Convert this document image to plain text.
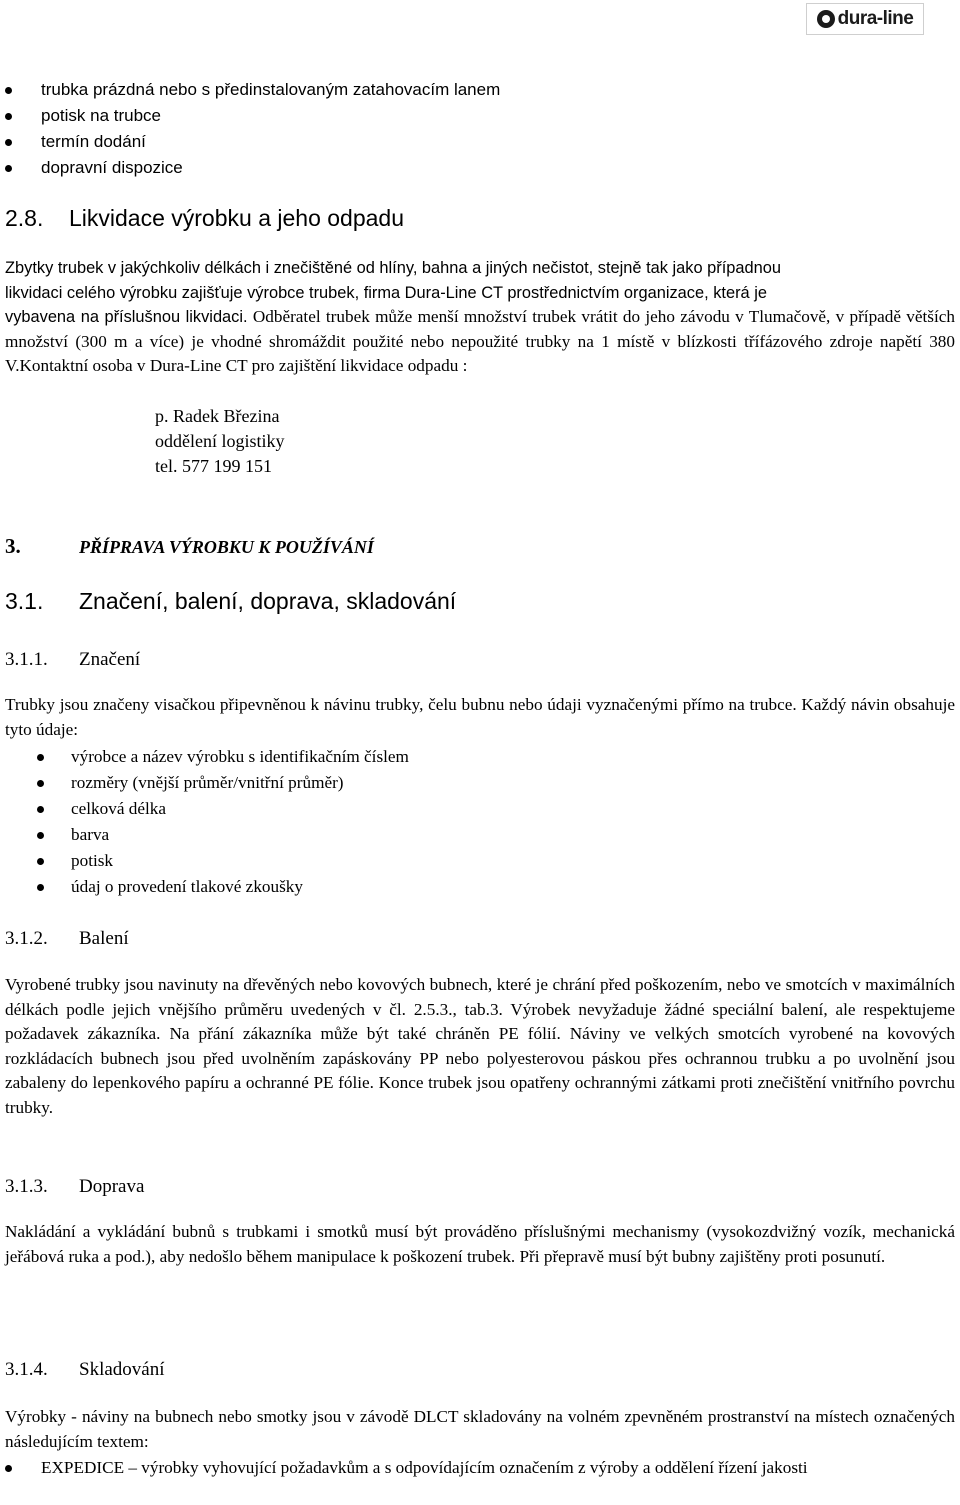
dura-line
trubka prázdná nebo s předinstalovaným zatahovacím lanem
potisk na trubce
termín dodání
dopravní dispozice
2.8. Likvidace výrobku a jeho odpadu
Zbytky trubek v jakýchkoliv délkách i znečištěné od hlíny, bahna a jiných nečistot, stejně tak jako případnou
likvidaci celého výrobku zajišťuje výrobce trubek, firma Dura-Line CT prostřednictvím organizace, která je
vybavena na příslušnou likvidaci. Odběratel trubek může menší množství trubek vrátit do jeho závodu v Tlumačově, v případě větších množství (300 m a více) je vhodné shromáždit použité nebo nepoužité trubky na 1 místě v blízkosti třífázového zdroje napětí 380 V.Kontaktní osoba v Dura-Line CT pro zajištění likvidace odpadu :
p. Radek Březina
oddělení logistiky
tel. 577 199 151
3.	PŘÍPRAVA VÝROBKU K POUŽÍVÁNÍ
3.1. Značení, balení, doprava, skladování
3.1.1. Značení
Trubky jsou značeny visačkou připevněnou k návinu trubky, čelu bubnu nebo údaji vyznačenými přímo na trubce. Každý návin obsahuje tyto údaje:
výrobce a název výrobku s identifikačním číslem
rozměry (vnější průměr/vnitřní průměr)
celková délka
barva
potisk
údaj o provedení tlakové zkoušky
3.1.2. Balení
Vyrobené trubky jsou navinuty na dřevěných nebo kovových bubnech, které je chrání před poškozením, nebo ve smotcích v maximálních délkách podle jejich vnějšího průměru uvedených v čl. 2.5.3., tab.3. Výrobek nevyžaduje žádné speciální balení, ale respektujeme požadavek zákazníka. Na přání zákazníka může být také chráněn PE fólií. Náviny ve velkých smotcích vyrobené na kovových rozkládacích bubnech jsou před uvolněním zapáskovány PP nebo polyesterovou páskou přes ochrannou trubku a po uvolnění jsou zabaleny do lepenkového papíru a ochranné PE fólie. Konce trubek jsou opatřeny ochrannými zátkami proti znečištění vnitřního povrchu trubky.
3.1.3. Doprava
Nakládání a vykládání bubnů s trubkami i smotků musí být prováděno příslušnými mechanismy (vysokozdvižný vozík, mechanická jeřábová ruka a pod.), aby nedošlo během manipulace k poškození trubek. Při přepravě musí být bubny zajištěny proti posunutí.
3.1.4. Skladování
Výrobky - náviny na bubnech nebo smotky jsou v závodě DLCT skladovány na volném zpevněném prostranství na místech označených následujícím textem:
EXPEDICE – výrobky vyhovující požadavkům a s odpovídajícím označením z výroby a oddělení řízení jakosti
